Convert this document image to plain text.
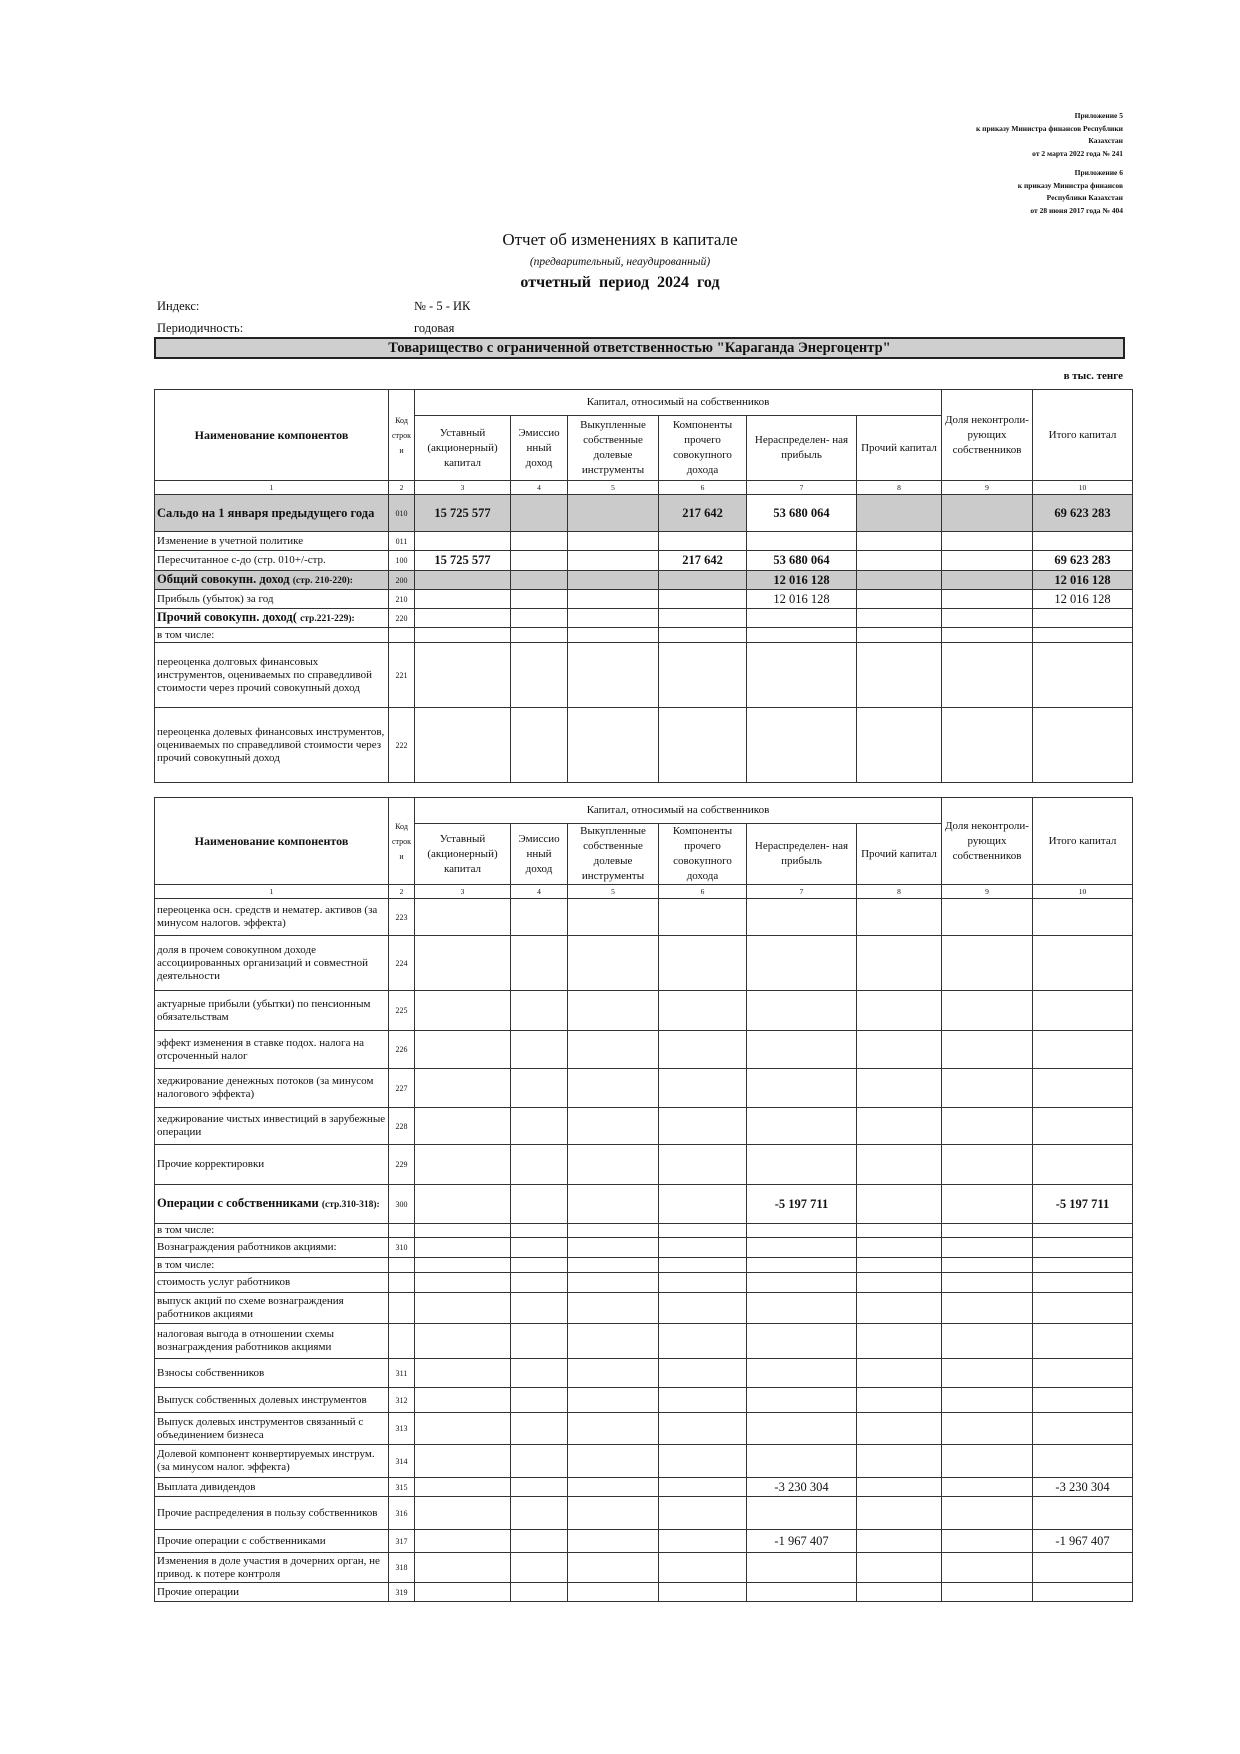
Приложение 5
к приказу Министра финансов Республики
Казахстан
от 2 марта 2022 года № 241
Приложение 6
к приказу Министра финансов
Республики Казахстан
от 28 июня 2017 года № 404
Отчет об изменениях в капитале
(предварительный, неаудированный)
отчетный период 2024 год
Индекс:	№ - 5 - ИК
Периодичность:	годовая
Товарищество с ограниченной ответственностью "Караганда Энергоцентр"
в тыс. тенге
Наименование компонентов	Код строк и	Капитал, относимый на собственников						Доля неконтроли- рующих собственников	Итого капитал
		Уставный (акционерный) капитал	Эмиссио нный доход	Выкупленные собственные долевые инструменты	Компоненты прочего совокупного дохода	Нераспределен- ная прибыль	Прочий капитал		
1	2	3	4	5	6	7	8	9	10
Сальдо на 1 января предыдущего года	010	15 725 577			217 642	53 680 064			69 623 283
Изменение в учетной политике	011								
Пересчитанное с-до (стр. 010+/-стр.	100	15 725 577			217 642	53 680 064			69 623 283
Общий совокупн. доход (стр. 210-220):	200					12 016 128			12 016 128
Прибыль (убыток) за год	210					12 016 128			12 016 128
Прочий совокупн. доход( стр.221-229):	220								
в том числе:									
переоценка долговых финансовых инструментов, оцениваемых по справедливой стоимости через прочий совокупный доход	221								
переоценка долевых финансовых инструментов, оцениваемых по справедливой стоимости через прочий совокупный доход	222								
Наименование компонентов	Код строк и	Капитал, относимый на собственников						Доля неконтроли- рующих собственников	Итого капитал
		Уставный (акционерный) капитал	Эмиссио нный доход	Выкупленные собственные долевые инструменты	Компоненты прочего совокупного дохода	Нераспределен- ная прибыль	Прочий капитал		
1	2	3	4	5	6	7	8	9	10
переоценка осн. средств и нематер. активов (за минусом налогов. эффекта)	223								
доля в прочем совокупном доходе ассоциированных организаций и совместной деятельности	224								
актуарные прибыли (убытки) по пенсионным обязательствам	225								
эффект изменения в ставке подох. налога на отсроченный налог	226								
хеджирование денежных потоков (за минусом налогового эффекта)	227								
хеджирование чистых инвестиций в зарубежные операции	228								
Прочие корректировки	229								
Операции с собственниками (стр.310-318):	300					-5 197 711			-5 197 711
в том числе:									
Вознаграждения работников акциями:	310								
в том числе:									
стоимость услуг работников									
выпуск акций по схеме вознаграждения работников акциями									
налоговая выгода в отношении схемы вознаграждения работников акциями									
Взносы собственников	311								
Выпуск собственных долевых инструментов	312								
Выпуск долевых инструментов связанный с объединением бизнеса	313								
Долевой компонент конвертируемых инструм. (за минусом налог. эффекта)	314								
Выплата дивидендов	315					-3 230 304			-3 230 304
Прочие распределения в пользу собственников	316								
Прочие операции с собственниками	317					-1 967 407			-1 967 407
Изменения в доле участия в дочерних орган, не привод. к потере контроля	318								
Прочие операции	319								
